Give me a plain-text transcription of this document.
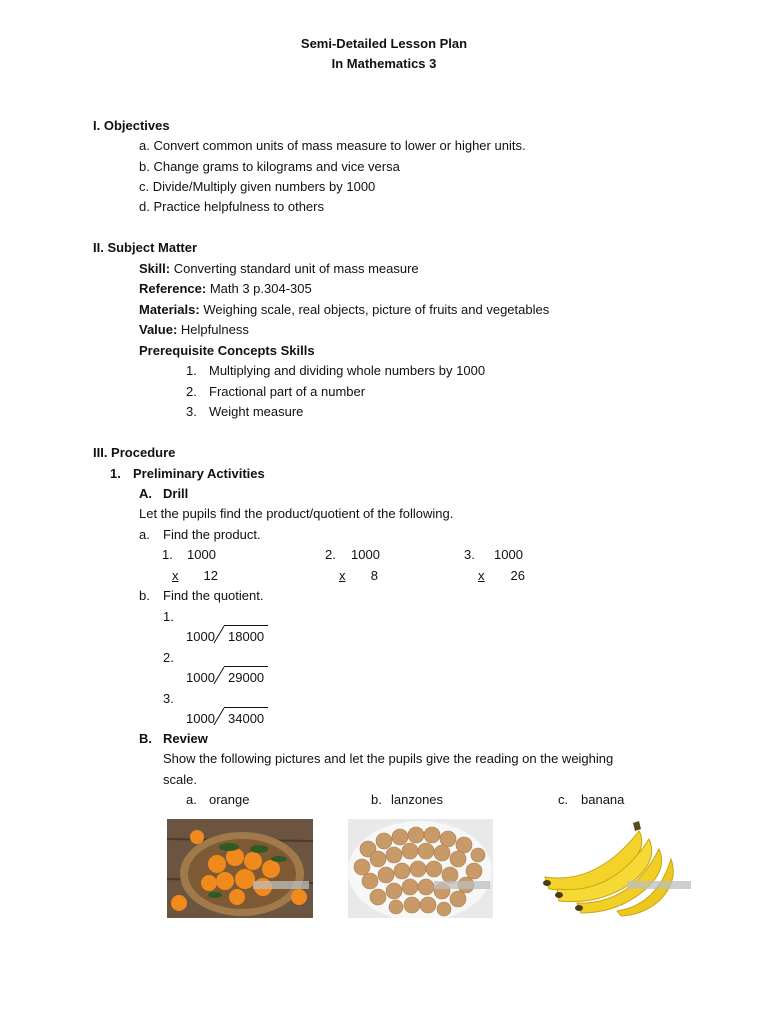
Semi-Detailed Lesson Plan
In Mathematics 3
I. Objectives
a. Convert common units of mass measure to lower or higher units.
b. Change grams to kilograms and vice versa
c. Divide/Multiply given numbers by 1000
d. Practice helpfulness to others
II. Subject Matter
Skill: Converting standard unit of mass measure
Reference: Math 3 p.304-305
Materials: Weighing scale, real objects, picture of fruits and vegetables
Value: Helpfulness
Prerequisite Concepts Skills
1. Multiplying and dividing whole numbers by 1000
2. Fractional part of a number
3. Weight measure
III. Procedure
1. Preliminary Activities
A. Drill
Let the pupils find the product/quotient of the following.
a. Find the product.
1. 1000
x 12
2. 1000
x 8
3. 1000
x 26
b. Find the quotient.
1.
1000	18000
2.
1000	29000
3.
1000	34000
B. Review
Show the following pictures and let the pupils give the reading on the weighing
scale.
a. orange	b. lanzones	c. banana
